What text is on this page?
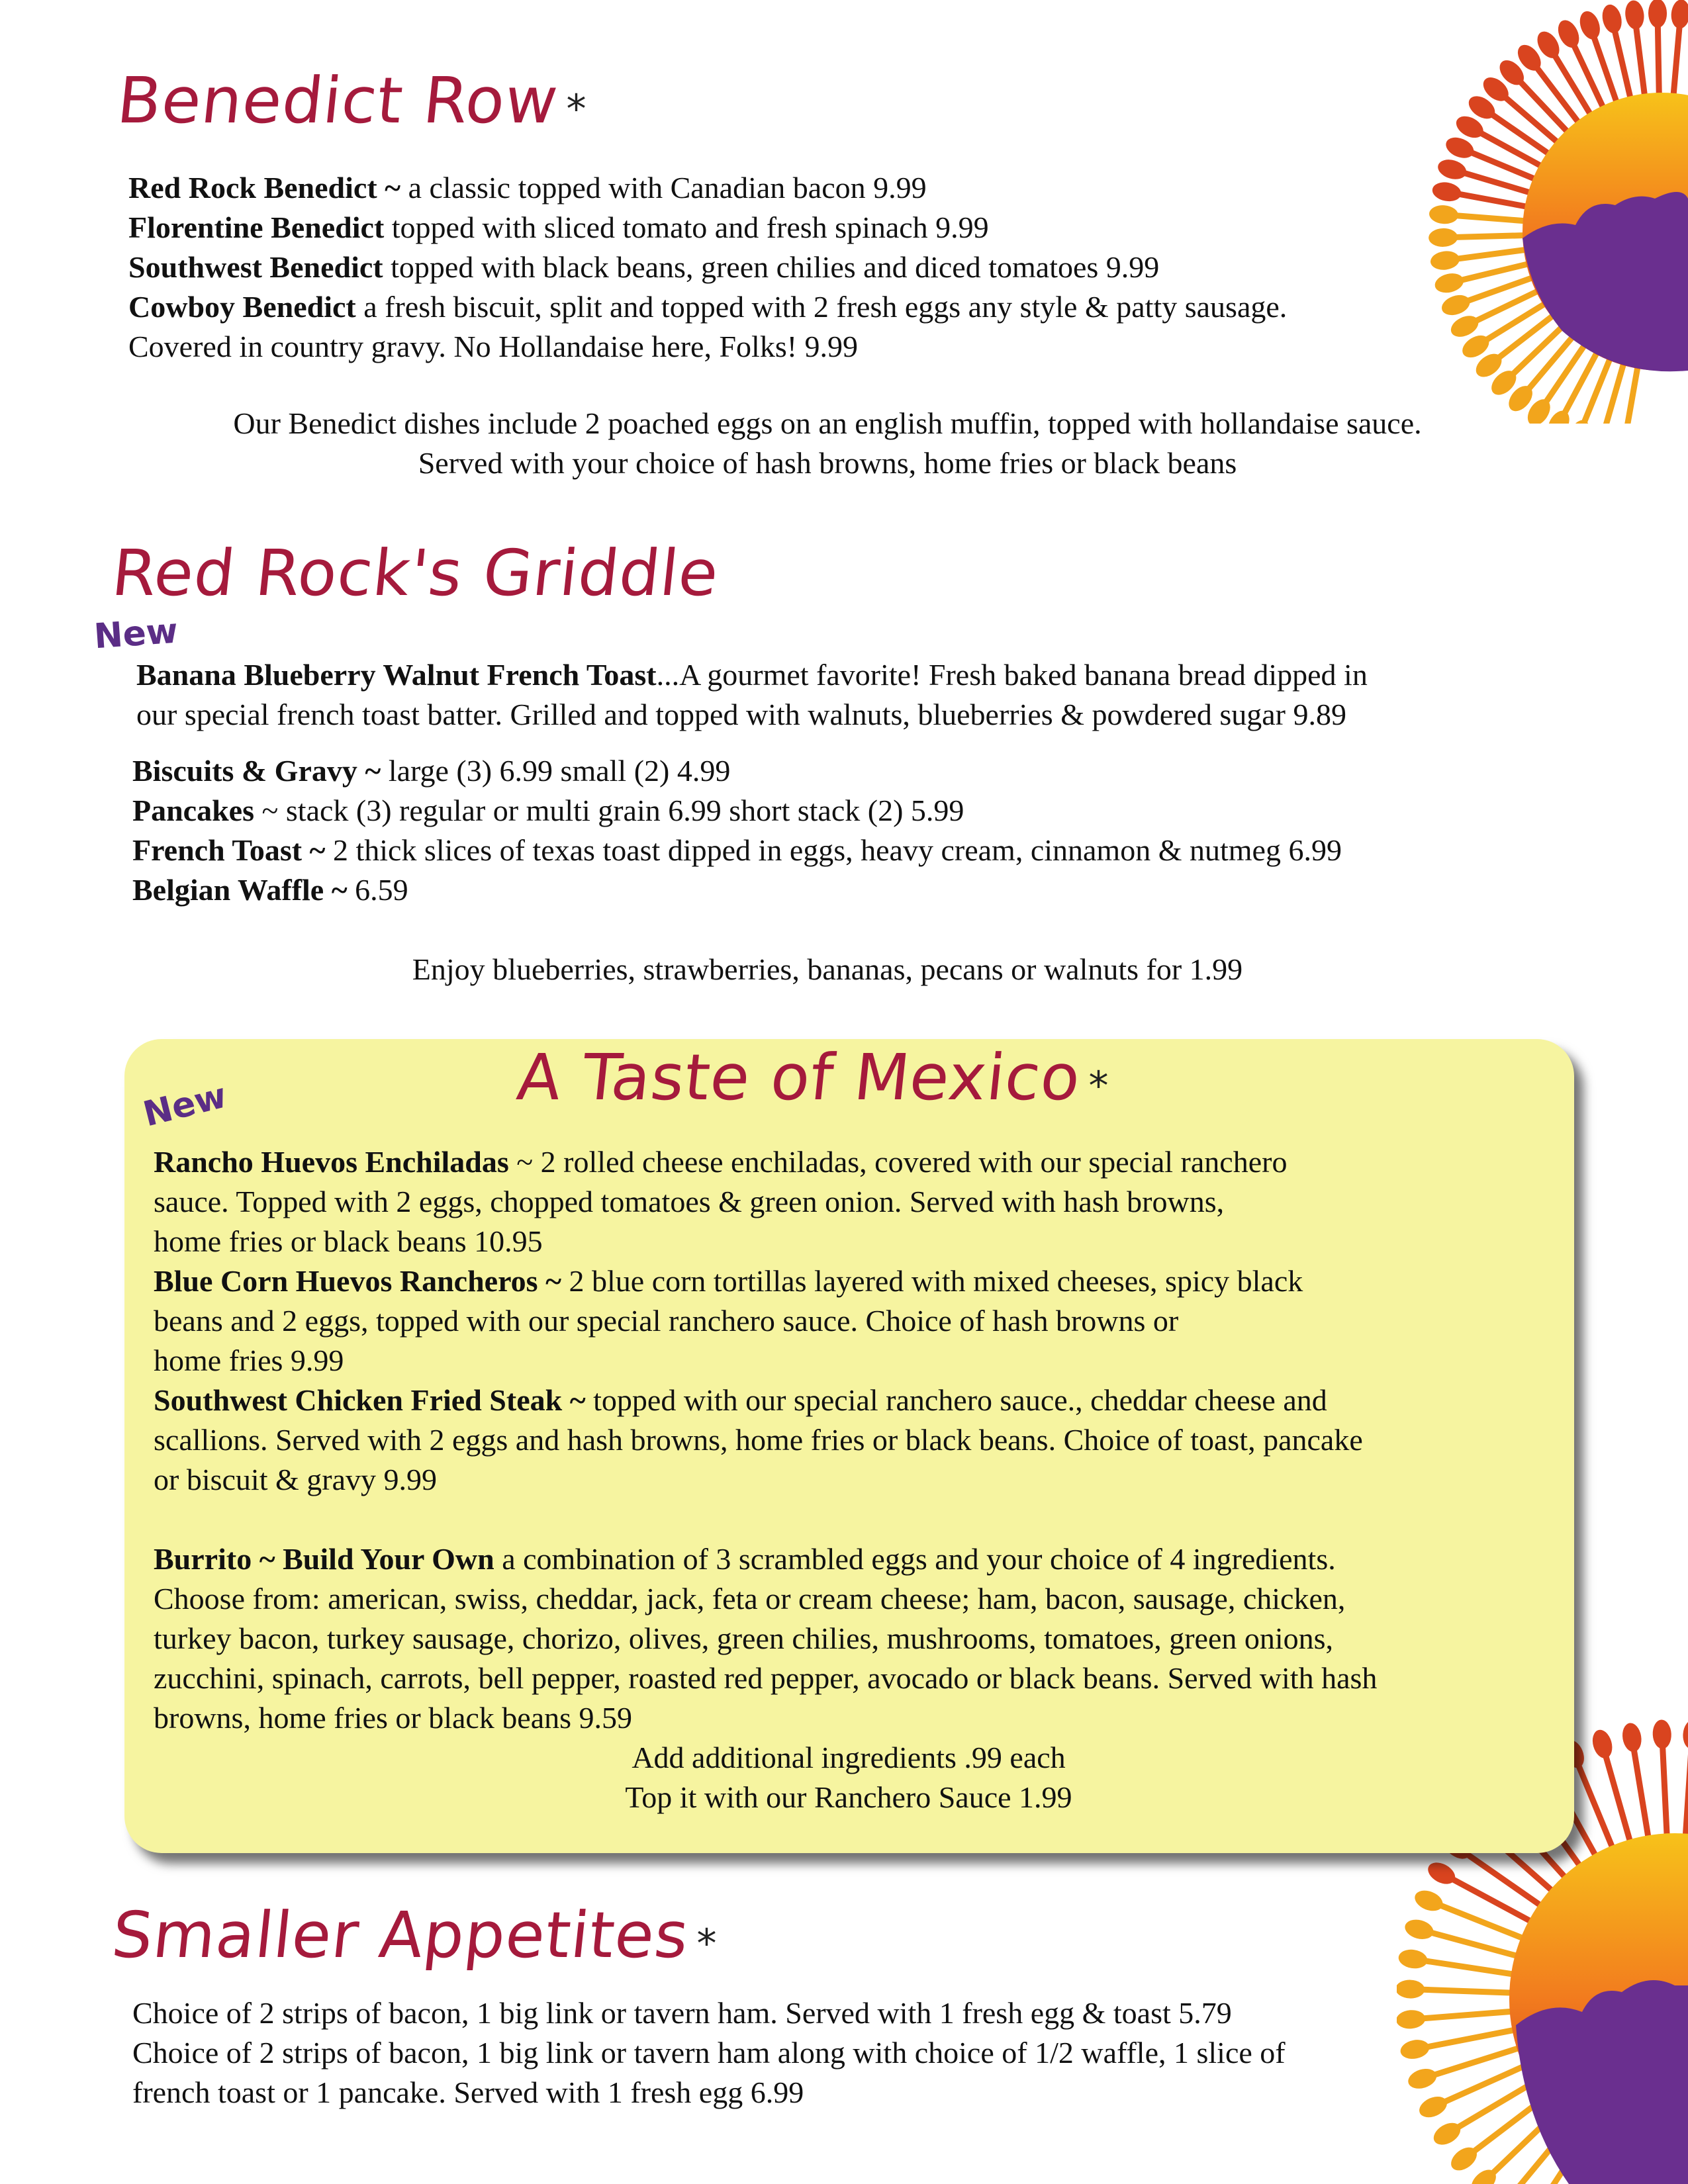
Benedict Row *

Red Rock Benedict ~ a classic topped with Canadian bacon 9.99

Florentine Benedict topped with sliced tomato and fresh spinach 9.99

Southwest Benedict topped with black beans, green chilies and diced tomatoes 9.99

Cowboy Benedict a fresh biscuit, split and topped with 2 fresh eggs any style & patty sausage.

Covered in country gravy. No Hollandaise here, Folks! 9.99

Our Benedict dishes include 2 poached eggs on an english muffin, topped with hollandaise sauce.

Served with your choice of hash browns, home fries or black beans

Red Rock's Griddle
New

Banana Blueberry Walnut French Toast...A gourmet favorite! Fresh baked banana bread dipped in

our special french toast batter. Grilled and topped with walnuts, blueberries & powdered sugar 9.89

Biscuits & Gravy ~ large (3) 6.99 small (2) 4.99

Pancakes ~ stack (3) regular or multi grain 6.99 short stack (2) 5.99

French Toast ~ 2 thick slices of texas toast dipped in eggs, heavy cream, cinnamon & nutmeg 6.99

Belgian Waffle ~ 6.59

Enjoy blueberries, strawberries, bananas, pecans or walnuts for 1.99

A Taste of Mexico *
New

Rancho Huevos Enchiladas ~ 2 rolled cheese enchiladas, covered with our special ranchero

sauce. Topped with 2 eggs, chopped tomatoes & green onion. Served with hash browns,

home fries or black beans 10.95

Blue Corn Huevos Rancheros ~ 2 blue corn tortillas layered with mixed cheeses, spicy black

beans and 2 eggs, topped with our special ranchero sauce. Choice of hash browns or

home fries 9.99

Southwest Chicken Fried Steak ~ topped with our special ranchero sauce., cheddar cheese and

scallions. Served with 2 eggs and hash browns, home fries or black beans. Choice of toast, pancake

or biscuit & gravy 9.99

Burrito ~ Build Your Own a combination of 3 scrambled eggs and your choice of 4 ingredients.

Choose from: american, swiss, cheddar, jack, feta or cream cheese; ham, bacon, sausage, chicken,

turkey bacon, turkey sausage, chorizo, olives, green chilies, mushrooms, tomatoes, green onions,

zucchini, spinach, carrots, bell pepper, roasted red pepper, avocado or black beans. Served with hash

browns, home fries or black beans 9.59

Add additional ingredients .99 each

Top it with our Ranchero Sauce 1.99

Smaller Appetites *

Choice of 2 strips of bacon, 1 big link or tavern ham. Served with 1 fresh egg & toast 5.79

Choice of 2 strips of bacon, 1 big link or tavern ham along with choice of 1/2 waffle, 1 slice of

french toast or 1 pancake. Served with 1 fresh egg 6.99
